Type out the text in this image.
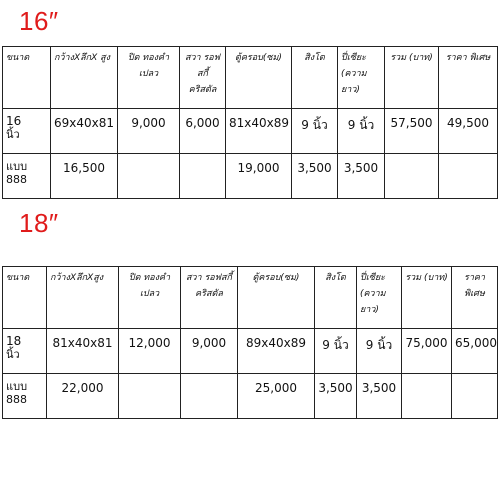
16″
ขนาด	กว้างXลึกX สูง	ปิด ทองคำเปลว	สวา รอฟสกี้ คริสตัล	ตู้ครอบ(ซม)	สิงโต	ปี่เซียะ (ความ ยาว)	รวม (บาท)	ราคา พิเศษ
16
นิ้ว	69x40x81	9,000	6,000	81x40x89	9 นิ้ว	9 นิ้ว	57,500	49,500
แบบ
888	16,500			19,000	3,500	3,500		
18″
ขนาด	กว้างXลึกXสูง	ปิด ทองคำเปลว	สวา รอฟสกี้ คริสตัล	ตู้ครอบ(ซม)	สิงโต	ปี่เซียะ (ความ ยาว)	รวม (บาท)	ราคา พิเศษ
18
นิ้ว	81x40x81	12,000	9,000	89x40x89	9 นิ้ว	9 นิ้ว	75,000	65,000
แบบ
888	22,000			25,000	3,500	3,500		
